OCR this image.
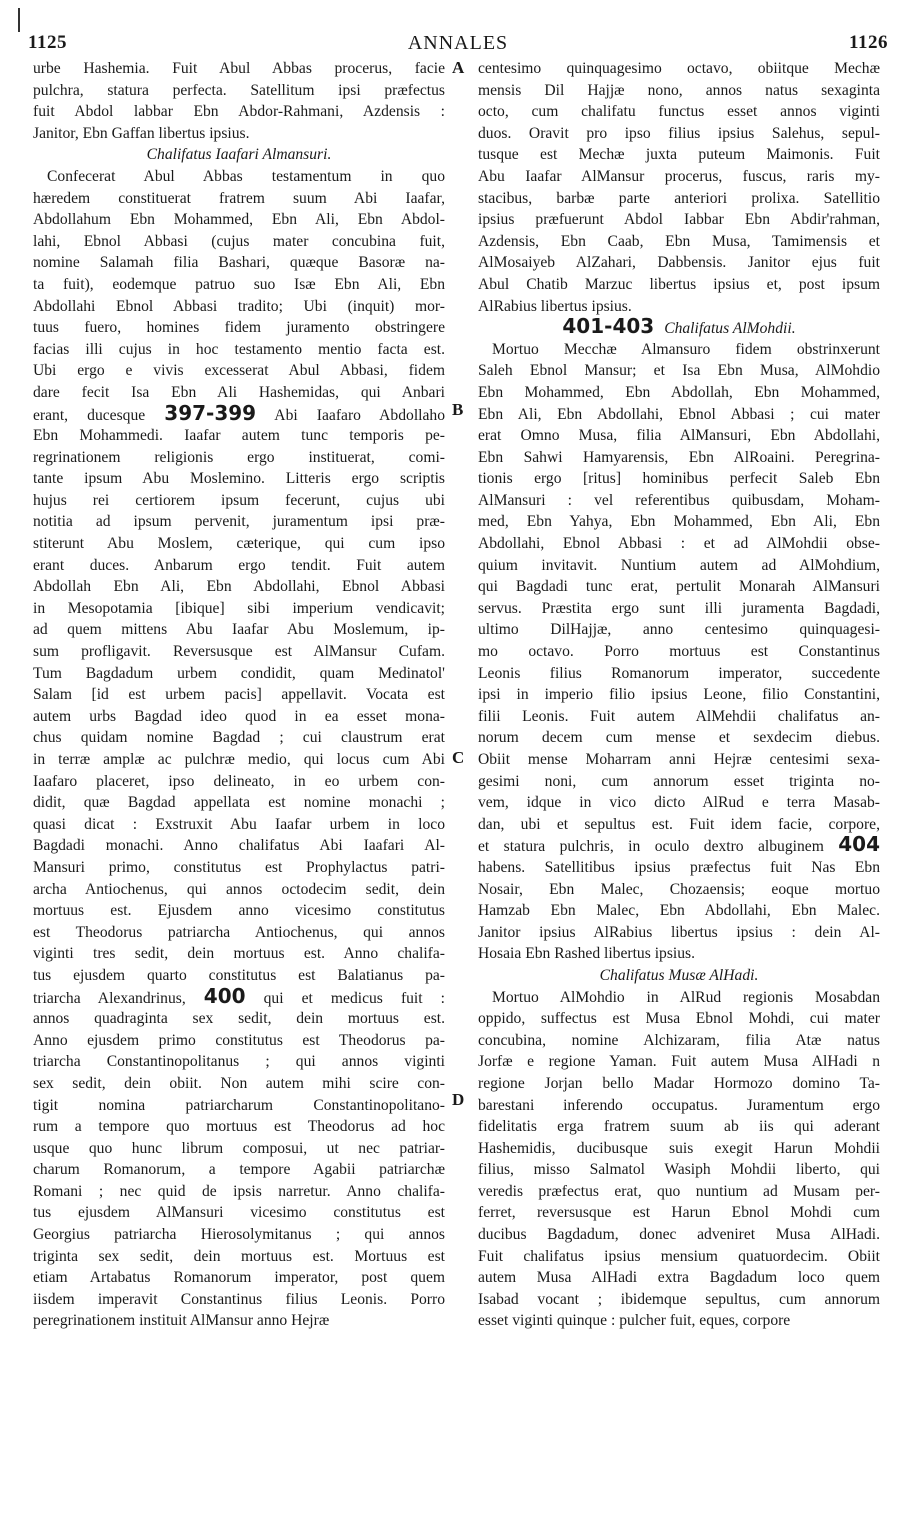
1125	ANNALES	1126
urbe Hashemia. Fuit Abul Abbas procerus, facie
pulchra, statura perfecta. Satellitum ipsi præfectus
fuit Abdol labbar Ebn Abdor-Rahmani, Azdensis :
Janitor, Ebn Gaffan libertus ipsius.
Chalifatus Iaafari Almansuri.
Confecerat Abul Abbas testamentum in quo
hæredem constituerat fratrem suum Abi Iaafar,
Abdollahum Ebn Mohammed, Ebn Ali, Ebn Abdol-
lahi, Ebnol Abbasi (cujus mater concubina fuit,
nomine Salamah filia Bashari, quæque Basoræ na-
ta fuit), eodemque patruo suo Isæ Ebn Ali, Ebn
Abdollahi Ebnol Abbasi tradito; Ubi (inquit) mor-
tuus fuero, homines fidem juramento obstringere
facias illi cujus in hoc testamento mentio facta est.
Ubi ergo e vivis excesserat Abul Abbasi, fidem
dare fecit Isa Ebn Ali Hashemidas, qui Anbari
erant, ducesque 397-399 Abi Iaafaro Abdollaho
Ebn Mohammedi. Iaafar autem tunc temporis pe-
regrinationem religionis ergo instituerat, comi-
tante ipsum Abu Moslemino. Litteris ergo scriptis
hujus rei certiorem ipsum fecerunt, cujus ubi
notitia ad ipsum pervenit, juramentum ipsi præ-
stiterunt Abu Moslem, cæterique, qui cum ipso
erant duces. Anbarum ergo tendit. Fuit autem
Abdollah Ebn Ali, Ebn Abdollahi, Ebnol Abbasi
in Mesopotamia [ibique] sibi imperium vendicavit;
ad quem mittens Abu Iaafar Abu Moslemum, ip-
sum profligavit. Reversusque est AlMansur Cufam.
Tum Bagdadum urbem condidit, quam Medinatol'
Salam [id est urbem pacis] appellavit. Vocata est
autem urbs Bagdad ideo quod in ea esset mona-
chus quidam nomine Bagdad ; cui claustrum erat
in terræ amplæ ac pulchræ medio, qui locus cum Abi
Iaafaro placeret, ipso delineato, in eo urbem con-
didit, quæ Bagdad appellata est nomine monachi ;
quasi dicat : Exstruxit Abu Iaafar urbem in loco
Bagdadi monachi. Anno chalifatus Abi Iaafari Al-
Mansuri primo, constitutus est Prophylactus patri-
archa Antiochenus, qui annos octodecim sedit, dein
mortuus est. Ejusdem anno vicesimo constitutus
est Theodorus patriarcha Antiochenus, qui annos
viginti tres sedit, dein mortuus est. Anno chalifa-
tus ejusdem quarto constitutus est Balatianus pa-
triarcha Alexandrinus, 400 qui et medicus fuit :
annos quadraginta sex sedit, dein mortuus est.
Anno ejusdem primo constitutus est Theodorus pa-
triarcha Constantinopolitanus ; qui annos viginti
sex sedit, dein obiit. Non autem mihi scire con-
tigit nomina patriarcharum Constantinopolitano-
rum a tempore quo mortuus est Theodorus ad hoc
usque quo hunc librum composui, ut nec patriar-
charum Romanorum, a tempore Agabii patriarchæ
Romani ; nec quid de ipsis narretur. Anno chalifa-
tus ejusdem AlMansuri vicesimo constitutus est
Georgius patriarcha Hierosolymitanus ; qui annos
triginta sex sedit, dein mortuus est. Mortuus est
etiam Artabatus Romanorum imperator, post quem
iisdem imperavit Constantinus filius Leonis. Porro
peregrinationem instituit AlMansur anno Hejræ
centesimo quinquagesimo octavo, obiitque Mechæ
mensis Dil Hajjæ nono, annos natus sexaginta
octo, cum chalifatu functus esset annos viginti
duos. Oravit pro ipso filius ipsius Salehus, sepul-
tusque est Mechæ juxta puteum Maimonis. Fuit
Abu Iaafar AlMansur procerus, fuscus, raris my-
stacibus, barbæ parte anteriori prolixa. Satellitio
ipsius præfuerunt Abdol Iabbar Ebn Abdir'rahman,
Azdensis, Ebn Caab, Ebn Musa, Tamimensis et
AlMosaiyeb AlZahari, Dabbensis. Janitor ejus fuit
Abul Chatib Marzuc libertus ipsius et, post ipsum
AlRabius libertus ipsius.
401-403 Chalifatus AlMohdii.
Mortuo Mecchæ Almansuro fidem obstrinxerunt
Saleh Ebnol Mansur; et Isa Ebn Musa, AlMohdio
Ebn Mohammed, Ebn Abdollah, Ebn Mohammed,
Ebn Ali, Ebn Abdollahi, Ebnol Abbasi ; cui mater
erat Omno Musa, filia AlMansuri, Ebn Abdollahi,
Ebn Sahwi Hamyarensis, Ebn AlRoaini. Peregrina-
tionis ergo [ritus] hominibus perfecit Saleb Ebn
AlMansuri : vel referentibus quibusdam, Moham-
med, Ebn Yahya, Ebn Mohammed, Ebn Ali, Ebn
Abdollahi, Ebnol Abbasi : et ad AlMohdii obse-
quium invitavit. Nuntium autem ad AlMohdium,
qui Bagdadi tunc erat, pertulit Monarah AlMansuri
servus. Præstita ergo sunt illi juramenta Bagdadi,
ultimo DilHajjæ, anno centesimo quinquagesi-
mo octavo. Porro mortuus est Constantinus
Leonis filius Romanorum imperator, succedente
ipsi in imperio filio ipsius Leone, filio Constantini,
filii Leonis. Fuit autem AlMehdii chalifatus an-
norum decem cum mense et sexdecim diebus.
Obiit mense Moharram anni Hejræ centesimi sexa-
gesimi noni, cum annorum esset triginta no-
vem, idque in vico dicto AlRud e terra Masab-
dan, ubi et sepultus est. Fuit idem facie, corpore,
et statura pulchris, in oculo dextro albuginem 404
habens. Satellitibus ipsius præfectus fuit Nas Ebn
Nosair, Ebn Malec, Chozaensis; eoque mortuo
Hamzab Ebn Malec, Ebn Abdollahi, Ebn Malec.
Janitor ipsius AlRabius libertus ipsius : dein Al-
Hosaia Ebn Rashed libertus ipsius.
Chalifatus Musæ AlHadi.
Mortuo AlMohdio in AlRud regionis Mosabdan
oppido, suffectus est Musa Ebnol Mohdi, cui mater
concubina, nomine Alchizaram, filia Atæ natus
Jorfæ e regione Yaman. Fuit autem Musa AlHadi n
regione Jorjan bello Madar Hormozo domino Ta-
barestani inferendo occupatus. Juramentum ergo
fidelitatis erga fratrem suum ab iis qui aderant
Hashemidis, ducibusque suis exegit Harun Mohdii
filius, misso Salmatol Wasiph Mohdii liberto, qui
veredis præfectus erat, quo nuntium ad Musam per-
ferret, reversusque est Harun Ebnol Mohdi cum
ducibus Bagdadum, donec adveniret Musa AlHadi.
Fuit chalifatus ipsius mensium quatuordecim. Obiit
autem Musa AlHadi extra Bagdadum loco quem
Isabad vocant ; ibidemque sepultus, cum annorum
esset viginti quinque : pulcher fuit, eques, corpore
A
B
C
D
